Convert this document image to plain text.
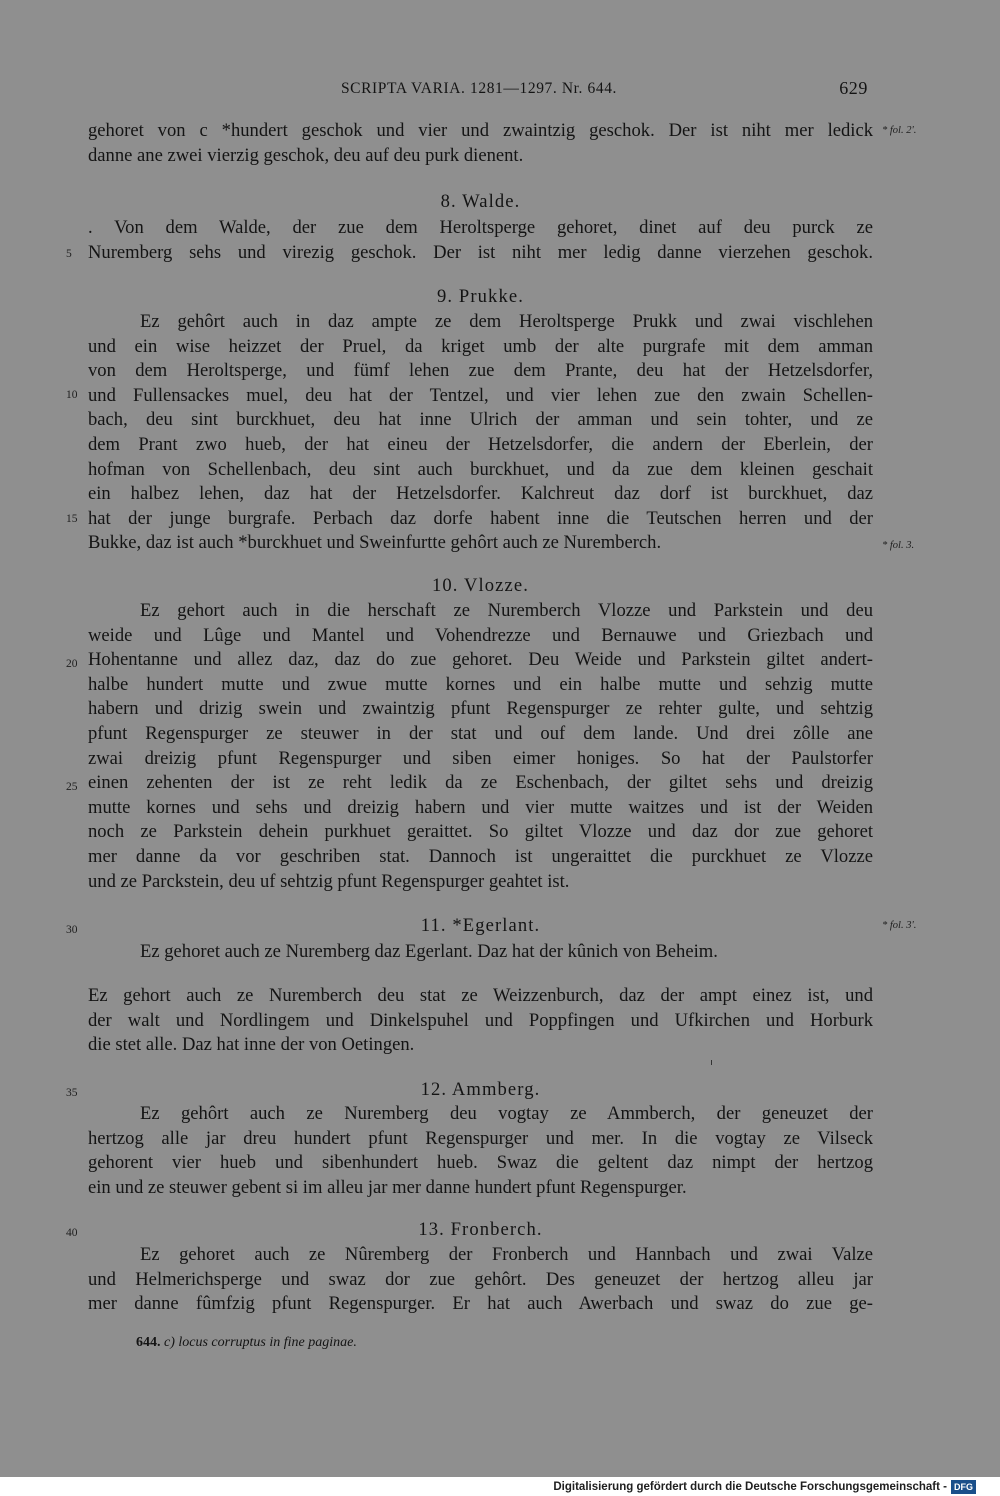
SCRIPTA VARIA. 1281—1297. Nr. 644.	629
gehoret von c *hundert geschok und vier und zwaintzig geschok. Der ist niht mer ledick
danne ane zwei vierzig geschok, deu auf deu purk dienent.
* fol. 2'.
8. Walde.
. Von dem Walde, der zue dem Heroltsperge gehoret, dinet auf deu purck ze
Nuremberg sehs und virezig geschok. Der ist niht mer ledig danne vierzehen geschok.
5
9. Prukke.
Ez gehôrt auch in daz ampte ze dem Heroltsperge Prukk und zwai vischlehen
und ein wise heizzet der Pruel, da kriget umb der alte purgrafe mit dem amman
von dem Heroltsperge, und fümf lehen zue dem Prante, deu hat der Hetzelsdorfer,
und Fullensackes muel, deu hat der Tentzel, und vier lehen zue den zwain Schellen-
bach, deu sint burckhuet, deu hat inne Ulrich der amman und sein tohter, und ze
dem Prant zwo hueb, der hat eineu der Hetzelsdorfer, die andern der Eberlein, der
hofman von Schellenbach, deu sint auch burckhuet, und da zue dem kleinen geschait
ein halbez lehen, daz hat der Hetzelsdorfer. Kalchreut daz dorf ist burckhuet, daz
hat der junge burgrafe. Perbach daz dorfe habent inne die Teutschen herren und der
Bukke, daz ist auch *burckhuet und Sweinfurtte gehôrt auch ze Nuremberch.
10
15
* fol. 3.
10. Vlozze.
Ez gehort auch in die herschaft ze Nuremberch Vlozze und Parkstein und deu
weide und Lûge und Mantel und Vohendrezze und Bernauwe und Griezbach und
Hohentanne und allez daz, daz do zue gehoret. Deu Weide und Parkstein giltet andert-
halbe hundert mutte und zwue mutte kornes und ein halbe mutte und sehzig mutte
habern und drizig swein und zwaintzig pfunt Regenspurger ze rehter gulte, und sehtzig
pfunt Regenspurger ze steuwer in der stat und ouf dem lande. Und drei zôlle ane
zwai dreizig pfunt Regenspurger und siben eimer honiges. So hat der Paulstorfer
einen zehenten der ist ze reht ledik da ze Eschenbach, der giltet sehs und dreizig
mutte kornes und sehs und dreizig habern und vier mutte waitzes und ist der Weiden
noch ze Parkstein dehein purkhuet geraittet. So giltet Vlozze und daz dor zue gehoret
mer danne da vor geschriben stat. Dannoch ist ungeraittet die purckhuet ze Vlozze
und ze Parckstein, deu uf sehtzig pfunt Regenspurger geahtet ist.
20
25
11. *Egerlant.
30	* fol. 3'.
Ez gehoret auch ze Nuremberg daz Egerlant. Daz hat der kûnich von Beheim.
Ez gehort auch ze Nuremberch deu stat ze Weizzenburch, daz der ampt einez ist, und
der walt und Nordlingem und Dinkelspuhel und Poppfingen und Ufkirchen und Horburk
die stet alle. Daz hat inne der von Oetingen.
12. Ammberg.
35
Ez gehôrt auch ze Nuremberg deu vogtay ze Ammberch, der geneuzet der
hertzog alle jar dreu hundert pfunt Regenspurger und mer. In die vogtay ze Vilseck
gehorent vier hueb und sibenhundert hueb. Swaz die geltent daz nimpt der hertzog
ein und ze steuwer gebent si im alleu jar mer danne hundert pfunt Regenspurger.
13. Fronberch.
40
Ez gehoret auch ze Nûremberg der Fronberch und Hannbach und zwai Valze
und Helmerichsperge und swaz dor zue gehôrt. Des geneuzet der hertzog alleu jar
mer danne fûmfzig pfunt Regenspurger. Er hat auch Awerbach und swaz do zue ge-
644. c) locus corruptus in fine paginae.
Digitalisierung gefördert durch die Deutsche Forschungsgemeinschaft - DFG
